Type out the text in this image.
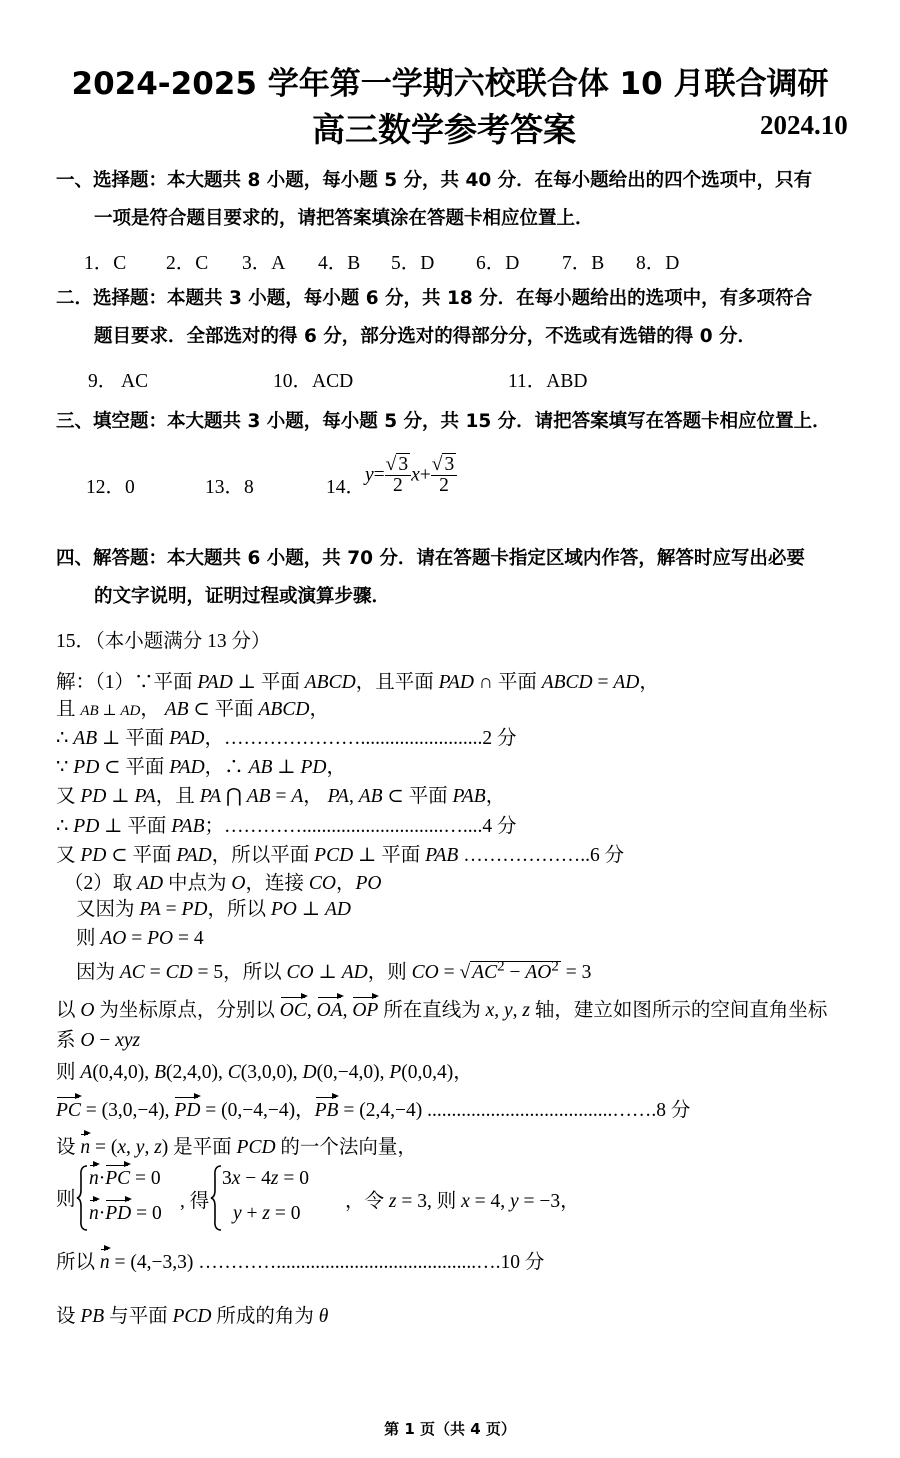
2024-2025 学年第一学期六校联合体 10 月联合调研
高三数学参考答案	2024.10
一、选择题：本大题共 8 小题，每小题 5 分，共 40 分．在每小题给出的四个选项中，只有
一项是符合题目要求的，请把答案填涂在答题卡相应位置上．
1．C 2．C 3．A 4．B 5．D 6．D 7．B 8．D
二．选择题：本题共 3 小题，每小题 6 分，共 18 分．在每小题给出的选项中，有多项符合
题目要求．全部选对的得 6 分，部分选对的得部分分，不选或有选错的得 0 分．
9． AC	10．ACD	11．ABD
三、填空题：本大题共 3 小题，每小题 5 分，共 15 分．请把答案填写在答题卡相应位置上．
12．0	13．8	14．
$y= \frac{√ 3}{2} x+ \frac{√ 3}{2}$
四、解答题：本大题共 6 小题，共 70 分．请在答题卡指定区域内作答，解答时应写出必要
的文字说明，证明过程或演算步骤．
15．（本小题满分 13 分）
解：（1）∵平面 PAD ⊥ 平面 ABCD，且平面 PAD ∩ 平面 ABCD = AD，
且 AB ⊥ AD， AB ⊂ 平面 ABCD，
∴ AB ⊥ 平面 PAD，………………….........................2 分
∵ PD ⊂ 平面 PAD，∴ AB ⊥ PD，
又 PD ⊥ PA，且 PA ⋂ AB = A， PA, AB ⊂ 平面 PAB，
∴ PD ⊥ 平面 PAB；………….............................…....4 分
又 PD ⊂ 平面 PAD，所以平面 PCD ⊥ 平面 PAB ………………..6 分
（2）取 AD 中点为 O，连接 CO，PO
又因为 PA = PD，所以 PO ⊥ AD
则 AO = PO = 4
因为 AC = CD = 5，所以 CO ⊥ AD，则 CO = √ $AC^2 - AO^2 = 3$
以 O 为坐标原点，分别以 OC, OA, OP 所在直线为 x, y, z 轴，建立如图所示的空间直角坐标
系 O − xyz
则 A(0,4,0), B(2,4,0), C(3,0,0), D(0,−4,0), P(0,0,4)，
PC = (3,0,−4), PD = (0,−4,−4)，PB = (2,4,−4) ......................................…….8 分
设 n = (x, y, z) 是平面 PCD 的一个法向量，
则
n·PC = 0
n·PD = 0
, 得
3x − 4z = 0
y + z = 0
，令 z = 3, 则 x = 4, y = −3，
所以 n = (4,−3,3) ………….........................................….10 分
设 PB 与平面 PCD 所成的角为 θ
第 1 页（共 4 页）
